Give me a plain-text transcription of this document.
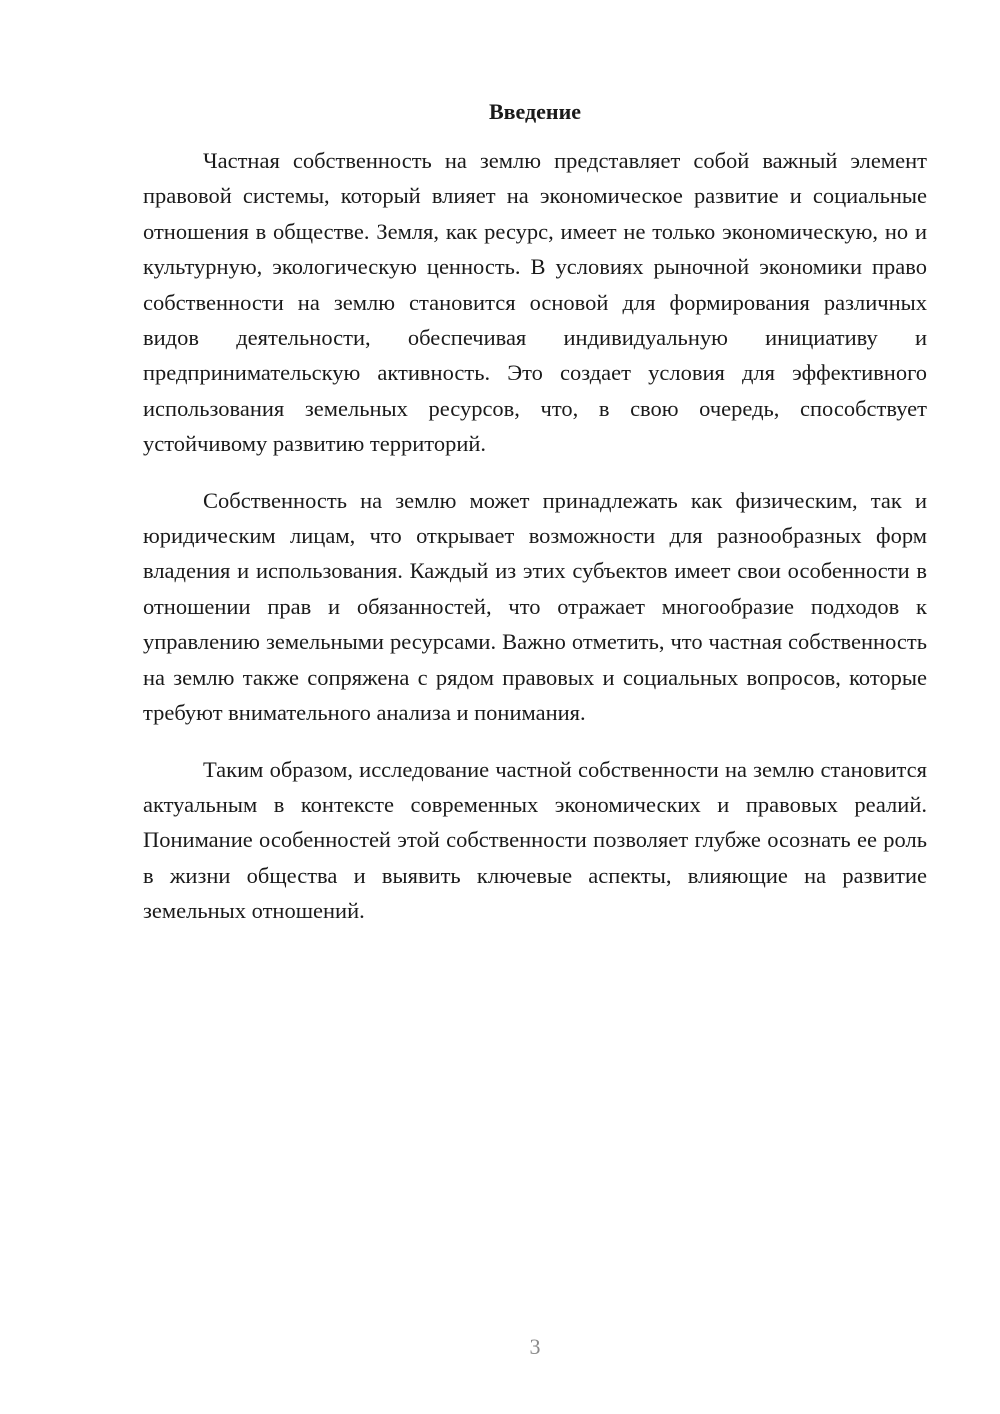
Введение

Частная собственность на землю представляет собой важный элемент правовой системы, который влияет на экономическое развитие и социальные отношения в обществе. Земля, как ресурс, имеет не только экономическую, но и культурную, экологическую ценность. В условиях рыночной экономики право собственности на землю становится основой для формирования различных видов деятельности, обеспечивая индивидуальную инициативу и предпринимательскую активность. Это создает условия для эффективного использования земельных ресурсов, что, в свою очередь, способствует устойчивому развитию территорий.

Собственность на землю может принадлежать как физическим, так и юридическим лицам, что открывает возможности для разнообразных форм владения и использования. Каждый из этих субъектов имеет свои особенности в отношении прав и обязанностей, что отражает многообразие подходов к управлению земельными ресурсами. Важно отметить, что частная собственность на землю также сопряжена с рядом правовых и социальных вопросов, которые требуют внимательного анализа и понимания.

Таким образом, исследование частной собственности на землю становится актуальным в контексте современных экономических и правовых реалий. Понимание особенностей этой собственности позволяет глубже осознать ее роль в жизни общества и выявить ключевые аспекты, влияющие на развитие земельных отношений.

3
